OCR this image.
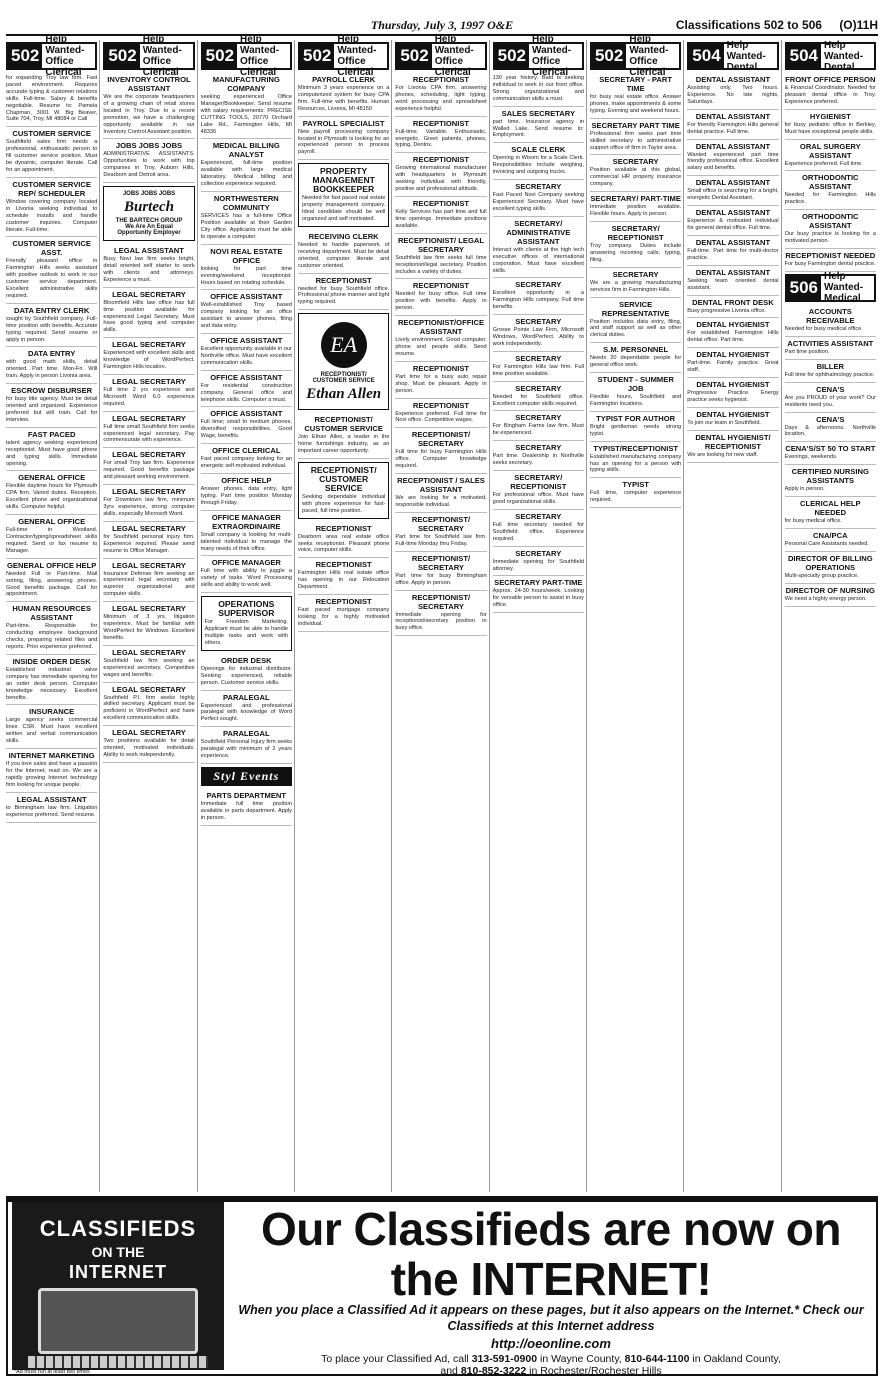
Thursday, July 3, 1997 O&E	Classifications 502 to 506 (O)11H
502
Help Wanted-Office Clerical
for expanding Troy law firm. Fast paced environment. Requires accurate typing & customer relations skills. Full-time. Salary & benefits negotiable. Resume to: Pamela Chapman, 3001 W. Big Beaver, Suite 704, Troy, MI 48084 or Call
CUSTOMER SERVICE
Southfield sales firm needs a professional, enthusiastic person to fill customer service position. Must be dynamic, computer literate. Call for an appointment.
CUSTOMER SERVICE REP/ SCHEDULER
Window covering company located in Livonia seeking individual to schedule installs and handle customer inquiries. Computer literate. Full-time.
CUSTOMER SERVICE ASST.
Friendly pleasant office in Farmington Hills seeks assistant with positive outlook to work in our customer service department. Excellent administrative skills required.
DATA ENTRY CLERK
sought by Southfield company. Full-time position with benefits. Accurate typing required. Send resume or apply in person.
DATA ENTRY
with good math skills, detail oriented. Part time. Mon-Fri. Will train. Apply in person Livonia area.
ESCROW DISBURSER
for busy title agency. Must be detail oriented and organized. Experience preferred but will train. Call for interview.
FAST PACED
talent agency seeking experienced receptionist. Must have good phone and typing skills. Immediate opening.
GENERAL OFFICE
Flexible daytime hours for Plymouth CPA firm. Varied duties. Reception. Excellent phone and organizational skills. Computer helpful.
GENERAL OFFICE
Full-time in Westland. Contractor/typing/spreadsheet skills required. Send or fax resume to Manager.
GENERAL OFFICE HELP
Needed Full or Part-time. Mail sorting, filing, answering phones. Good benefits package. Call for appointment.
HUMAN RESOURCES ASSISTANT
Part-time. Responsible for conducting employee background checks, preparing related files and reports. Prior experience preferred.
INSIDE ORDER DESK
Established industrial valve company has immediate opening for an order desk person. Computer knowledge necessary. Excellent benefits.
INSURANCE
Large agency seeks commercial lines CSR. Must have excellent written and verbal communication skills.
INTERNET MARKETING
If you love sales and have a passion for the Internet, read on. We are a rapidly growing Internet technology firm looking for unique people.
LEGAL ASSISTANT
to Birmingham law firm. Litigation experience preferred. Send resume.
502
Help Wanted-Office Clerical
INVENTORY CONTROL ASSISTANT
We are the corporate headquarters of a growing chain of retail stores located in Troy. Due to a recent promotion, we have a challenging opportunity available in our Inventory Control Assistant position.
JOBS JOBS JOBS
ADMINISTRATIVE ASSISTANTS. Opportunities to work with top companies in Troy, Auburn Hills, Dearborn and Detroit area.
JOBS JOBS JOBS
Burtech
THE BARTECH GROUP
We Are An Equal Opportunity Employer
LEGAL ASSISTANT
Busy Novi law firm seeks bright, detail oriented self starter to work with clients and attorneys. Experience a must.
LEGAL SECRETARY
Bloomfield Hills law office has full time position available for experienced Legal Secretary. Must have good typing and computer skills.
LEGAL SECRETARY
Experienced with excellent skills and knowledge of WordPerfect. Farmington Hills location.
LEGAL SECRETARY
Full time 2 yrs experience and Microsoft Word 6.0 experience required.
LEGAL SECRETARY
Full time small Southfield firm seeks experienced legal secretary. Pay commensurate with experience.
LEGAL SECRETARY
For small Troy law firm. Experience required. Good benefits package and pleasant working environment.
LEGAL SECRETARY
For Downtown law firm, minimum 3yrs experience, strong computer skills, especially Microsoft Word.
LEGAL SECRETARY
for Southfield personal injury firm. Experience required. Please send resume to Office Manager.
LEGAL SECRETARY
Insurance Defense firm seeking an experienced legal secretary with superior organizational and computer skills.
LEGAL SECRETARY
Minimum of 3 yrs. litigation experience. Must be familiar with WordPerfect for Windows. Excellent benefits.
LEGAL SECRETARY
Southfield law firm seeking an experienced secretary. Competitive wages and benefits.
LEGAL SECRETARY
Southfield P.I. firm seeks highly skilled secretary. Applicant must be proficient in WordPerfect and have excellent communication skills.
LEGAL SECRETARY
Two positions available for detail oriented, motivated individuals. Ability to work independently.
502
Help Wanted-Office Clerical
MANUFACTURING COMPANY
seeking experienced Office Manager/Bookkeeper. Send resume with salary requirements: PRECISE CUTTING TOOLS, 20770 Orchard Lake Rd., Farmington Hills, MI 48336
MEDICAL BILLING ANALYST
Experienced, full-time position available with large medical laboratory. Medical billing and collection experience required.
NORTHWESTERN COMMUNITY
SERVICES has a full-time Office Position available at their Garden City office. Applicants must be able to operate a computer.
NOVI REAL ESTATE OFFICE
looking for part time evening/weekend receptionist. Hours based on rotating schedule.
OFFICE ASSISTANT
Well-established Troy based company looking for an office assistant to answer phones, filing and data entry.
OFFICE ASSISTANT
Excellent opportunity available in our Northville office. Must have excellent communication skills.
OFFICE ASSISTANT
For residential construction company. General office and telephone skills. Computer a must.
OFFICE ASSISTANT
Full time; small to medium phones, diversified responsibilities. Good Wage, benefits.
OFFICE CLERICAL
Fast paced company looking for an energetic self-motivated individual.
OFFICE HELP
Answer phones, data entry, light typing. Part time position Monday through Friday.
OFFICE MANAGER EXTRAORDINAIRE
Small company is looking for multi-talented individual to manage the many needs of their office.
OFFICE MANAGER
Full time with ability to juggle a variety of tasks. Word Processing skills and ability to work well.
OPERATIONS SUPERVISOR
For Freedom Marketing. Applicant must be able to handle multiple tasks and work with others.
ORDER DESK
Openings for industrial distributor. Seeking experienced, reliable person. Customer service skills.
PARALEGAL
Experienced and professional paralegal with knowledge of Word Perfect sought.
PARALEGAL
Southfield Personal Injury firm seeks paralegal with minimum of 2 years experience.
Styl Events
PARTS DEPARTMENT
Immediate full time position available in parts department. Apply in person.
502
Help Wanted-Office Clerical
PAYROLL CLERK
Minimum 3 years experience on a computerized system for busy CPA firm. Full-time with benefits. Human Resources, Livonia, MI 48150
PAYROLL SPECIALIST
New payroll processing company located in Plymouth is looking for an experienced person to process payroll.
PROPERTY MANAGEMENT BOOKKEEPER
Needed for fast paced real estate property management company. Ideal candidate should be well organized and self motivated.
RECEIVING CLERK
Needed to handle paperwork of receiving department. Must be detail oriented, computer literate and customer oriented.
RECEPTIONIST
needed for busy Southfield office. Professional phone manner and light typing required.
EA
RECEPTIONIST/ CUSTOMER SERVICE
Ethan Allen
RECEPTIONIST/ CUSTOMER SERVICE
Join Ethan Allen, a leader in the home furnishings industry, as an important career opportunity.
RECEPTIONIST/ CUSTOMER SERVICE
Seeking dependable individual with phone experience for fast-paced, full time position.
RECEPTIONIST
Dearborn area real estate office seeks receptionist. Pleasant phone voice, computer skills.
RECEPTIONIST
Farmington Hills real estate office has opening in our Relocation Department.
RECEPTIONIST
Fast paced mortgage company looking for a highly motivated individual.
502
Help Wanted-Office Clerical
RECEPTIONIST
For Livonia CPA firm, answering phones, scheduling, light typing, word processing and spreadsheet experience helpful.
RECEPTIONIST
Full-time. Variable. Enthusiastic, energetic. Greet patients, phones, typing, Dentrix.
RECEPTIONIST
Growing international manufacturer with headquarters in Plymouth seeking individual with friendly, positive and professional attitude.
RECEPTIONIST
Kelly Services has part time and full time openings. Immediate positions available.
RECEPTIONIST/ LEGAL SECRETARY
Southfield law firm seeks full time receptionist/legal secretary. Position includes a variety of duties.
RECEPTIONIST
Needed for busy office. Full time position with benefits. Apply in person.
RECEPTIONIST/OFFICE ASSISTANT
Lively environment. Good computer, phone and people skills. Send resume.
RECEPTIONIST
Part time for a busy auto repair shop. Must be pleasant. Apply in person.
RECEPTIONIST
Experience preferred. Full time for Novi office. Competitive wages.
RECEPTIONIST/ SECRETARY
Full time for busy Farmington Hills office. Computer knowledge required.
RECEPTIONIST / SALES ASSISTANT
We are looking for a motivated, responsible individual.
RECEPTIONIST/ SECRETARY
Part time for Southfield law firm. Full-time Monday thru Friday.
RECEPTIONIST/ SECRETARY
Part time for busy Birmingham office. Apply in person.
RECEPTIONIST/ SECRETARY
Immediate opening for receptionist/secretary position in busy office.
502
Help Wanted-Office Clerical
130 year history. Bald is seeking individual to work in our front office. Strong organizational and communication skills a must.
SALES SECRETARY
part time. Insurance agency in Walled Lake. Send resume to: Employment.
SCALE CLERK
Opening in Wixom for a Scale Clerk. Responsibilities include weighing, invoicing and outgoing trucks.
SECRETARY
Fast Paced Novi Company seeking Experienced Secretary. Must have excellent typing skills.
SECRETARY/ ADMINISTRATIVE ASSISTANT
Interact with clients at the high tech executive offices of international corporation. Must have excellent skills.
SECRETARY
Excellent opportunity in a Farmington Hills company. Full time benefits.
SECRETARY
Grosse Pointe Law Firm, Microsoft Windows, WordPerfect. Ability to work independently.
SECRETARY
For Farmington Hills law firm. Full time position available.
SECRETARY
Needed for Southfield office. Excellent computer skills required.
SECRETARY
For Bingham Farms law firm. Must be experienced.
SECRETARY
Part time. Dealership in Northville seeks secretary.
SECRETARY/ RECEPTIONIST
For professional office. Must have good organizational skills.
SECRETARY
Full time secretary needed for Southfield office. Experience required.
SECRETARY
Immediate opening for Southfield attorney.
SECRETARY PART-TIME
Approx. 24-30 hours/week. Looking for versatile person to assist in busy office.
502
Help Wanted-Office Clerical
SECRETARY - PART TIME
for busy real estate office. Answer phones, make appointments & some typing. Evening and weekend hours.
SECRETARY PART TIME
Professional firm seeks part time skilled secretary to administrative support office of firm in Taylor area.
SECRETARY
Position available at this global, commercial HR property insurance company.
SECRETARY/ PART-TIME
Immediate position available. Flexible hours. Apply in person.
SECRETARY/ RECEPTIONIST
Troy company. Duties include answering incoming calls, typing, filing.
SECRETARY
We are a growing manufacturing services firm in Farmington Hills.
SERVICE REPRESENTATIVE
Position includes data entry, filing, and staff support as well as other clerical duties.
S.M. PERSONNEL
Needs 20 dependable people for general office work.
STUDENT - SUMMER JOB
Flexible hours, Southfield and Farmington locations.
TYPIST FOR AUTHOR
Bright gentleman needs strong typist.
TYPIST/RECEPTIONIST
Established manufacturing company has an opening for a person with typing skills.
TYPIST
Full time, computer experience required.
504
Help Wanted-Dental
DENTAL ASSISTANT
Assisting only. Two hours. Experience. No late nights, Saturdays.
DENTAL ASSISTANT
For friendly Farmington Hills general dental practice. Full time.
DENTAL ASSISTANT
Wanted experienced part time friendly professional office. Excellent salary and benefits.
DENTAL ASSISTANT
Small office is searching for a bright, energetic Dental Assistant.
DENTAL ASSISTANT
Experience & motivated individual for general dental office. Full time.
DENTAL ASSISTANT
Full-time. Part time for multi-doctor practice.
DENTAL ASSISTANT
Seeking team oriented dental assistant.
DENTAL FRONT DESK
Busy progressive Livonia office.
DENTAL HYGIENIST
For established Farmington Hills dental office. Part time.
DENTAL HYGIENIST
Part-time. Family practice. Great staff.
DENTAL HYGIENIST
Progressive Practice. Energy practice seeks hygienist.
DENTAL HYGIENIST
To join our team in Southfield.
DENTAL HYGIENIST/ RECEPTIONIST
We are looking for new staff.
504
Help Wanted-Dental
FRONT OFFICE PERSON
& Financial Coordinator. Needed for pleasant dental office in Troy. Experience preferred.
HYGIENIST
for busy pediatric office in Berkley. Must have exceptional people skills.
ORAL SURGERY ASSISTANT
Experience preferred. Full time.
ORTHODONTIC ASSISTANT
Needed for Farmington Hills practice.
ORTHODONTIC ASSISTANT
Our busy practice is looking for a motivated person.
RECEPTIONIST NEEDED
For busy Farmington dental practice.
506
Help Wanted-Medical
ACCOUNTS RECEIVABLE
Needed for busy medical office.
ACTIVITIES ASSISTANT
Part time position.
BILLER
Full time for ophthalmology practice.
CENA'S
Are you PROUD of your work? Our residents need you.
CENA'S
Days & afternoons. Northville location.
CENA'S/ST 50 TO START
Evenings, weekends.
CERTIFIED NURSING ASSISTANTS
Apply in person.
CLERICAL HELP NEEDED
for busy medical office.
CNA/PCA
Personal Care Assistants needed.
DIRECTOR OF BILLING OPERATIONS
Multi-specialty group practice.
DIRECTOR OF NURSING
We need a highly energy person.
CLASSIFIEDS
ON THE
INTERNET
Our Classifieds are now on the INTERNET!
When you place a Classified Ad it appears on these pages, but it also appears on the Internet.* Check our Classifieds at this Internet address
http://oeonline.com
To place your Classified Ad, call 313-591-0900 in Wayne County, 810-644-1100 in Oakland County,
and 810-852-3222 in Rochester/Rochester Hills
*Ad must run at least two times
